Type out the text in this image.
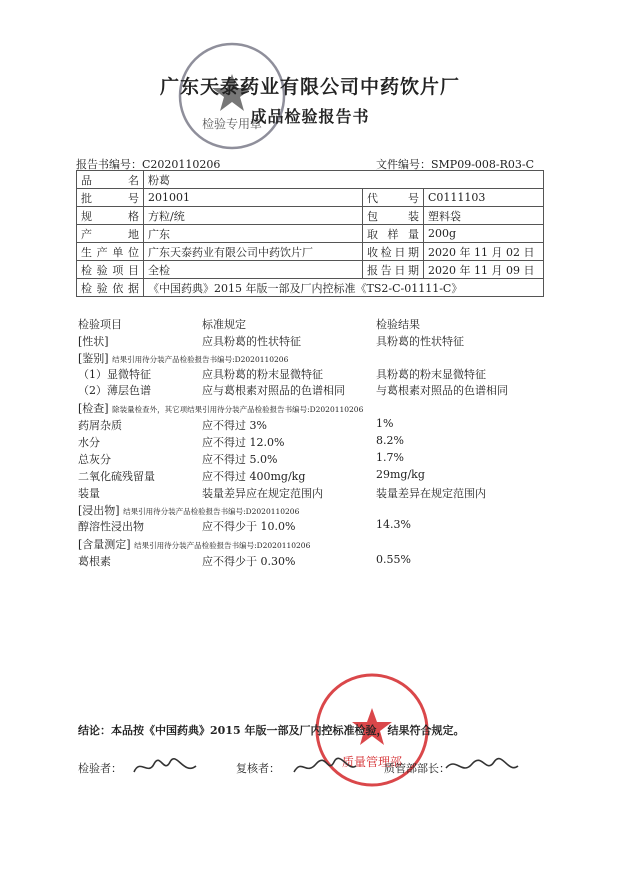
检验专用章
广东天泰药业有限公司中药饮片厂
成品检验报告书
报告书编号：C2020110206	文件编号：SMP09-008-R03-C
品 名	粉葛		
批 号	201001	代 号	C0111103
规 格	方粒/统	包 装	塑料袋
产 地	广东	取 样 量	200g
生产单位	广东天泰药业有限公司中药饮片厂	收检日期	2020 年 11 月 02 日
检验项目	全检	报告日期	2020 年 11 月 09 日
检验依据	《中国药典》2015 年版一部及厂内控标准《TS2-C-01111-C》		
检验项目	标准规定	检验结果
[性状]	应具粉葛的性状特征	具粉葛的性状特征
[鉴别] 结果引用待分装产品检验报告书编号:D2020110206
（1）显微特征	应具粉葛的粉末显微特征	具粉葛的粉末显微特征
（2）薄层色谱	应与葛根素对照品的色谱相同	与葛根素对照品的色谱相同
[检查] 除装量检查外，其它项结果引用待分装产品检验报告书编号:D2020110206
药屑杂质	应不得过 3%	1%
水分	应不得过 12.0%	8.2%
总灰分	应不得过 5.0%	1.7%
二氧化硫残留量	应不得过 400mg/kg	29mg/kg
装量	装量差异应在规定范围内	装量差异在规定范围内
[浸出物] 结果引用待分装产品检验报告书编号:D2020110206
醇溶性浸出物	应不得少于 10.0%	14.3%
[含量测定] 结果引用待分装产品检验报告书编号:D2020110206
葛根素	应不得少于 0.30%	0.55%
质量管理部
结论：本品按《中国药典》2015 年版一部及厂内控标准检验，结果符合规定。
检验者：	复核者：	质管部部长：
